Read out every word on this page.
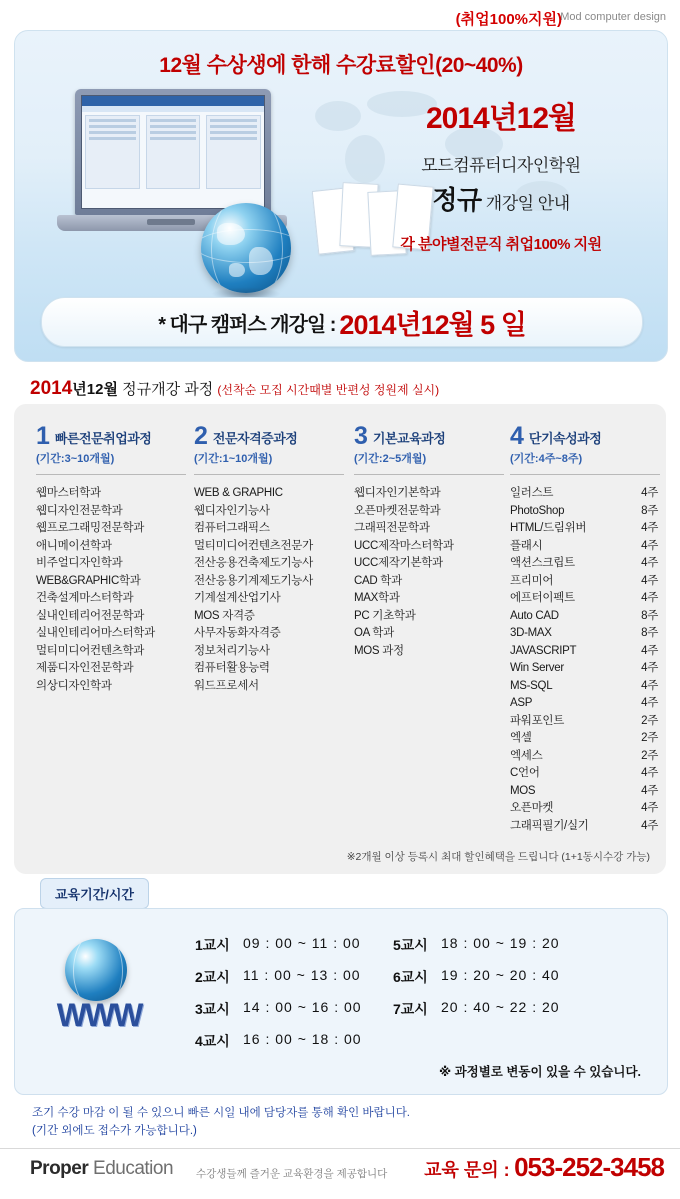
(취업100%지원)
Mod computer design
12월 수상생에 한해 수강료할인(20~40%)
2014년12월
모드컴퓨터디자인학원
정규 개강일 안내
각 분야별전문직 취업100% 지원
* 대구 캠퍼스 개강일 : 2014년12월 5 일
2014년12월 정규개강 과정 (선착순 모집 시간때별 반편성 정원제 실시)
1 빠른전문취업과정
(기간:3~10개월)
웹마스터학과
웹디자인전문학과
웹프로그래밍전문학과
애니메이션학과
비주얼디자인학과
WEB&GRAPHIC학과
건축설계마스터학과
실내인테리어전문학과
실내인테리어마스터학과
멀티미디어컨텐츠학과
제품디자인전문학과
의상디자인학과
2 전문자격증과정
(기간:1~10개월)
WEB & GRAPHIC
웹디자인기능사
컴퓨터그래픽스
멀티미디어컨텐츠전문가
전산응용건축제도기능사
전산응용기계제도기능사
기계설계산업기사
MOS 자격증
사무자동화자격증
정보처리기능사
컴퓨터활용능력
워드프로세서
3 기본교육과정
(기간:2~5개월)
웹디자인기본학과
오픈마켓전문학과
그래픽전문학과
UCC제작마스터학과
UCC제작기본학과
CAD 학과
MAX학과
PC 기초학과
OA 학과
MOS 과정
4 단기속성과정
(기간:4주~8주)
일러스트	4주
PhotoShop	8주
HTML/드림위버	4주
플래시	4주
액션스크립트	4주
프리미어	4주
에프터이펙트	4주
Auto CAD	8주
3D-MAX	8주
JAVASCRIPT	4주
Win Server	4주
MS-SQL	4주
ASP	4주
파워포인트	2주
엑셀	2주
엑세스	2주
C언어	4주
MOS	4주
오픈마켓	4주
그래픽필기/실기	4주
※2개월 이상 등록시 최대 할인혜택을 드립니다 (1+1동시수강 가능)
교육기간/시간
WWW
1교시 09 : 00 ~ 11 : 00	5교시 18 : 00 ~ 19 : 20
2교시 11 : 00 ~ 13 : 00	6교시 19 : 20 ~ 20 : 40
3교시 14 : 00 ~ 16 : 00	7교시 20 : 40 ~ 22 : 20
4교시 16 : 00 ~ 18 : 00
※ 과정별로 변동이 있을 수 있습니다.
조기 수강 마감 이 될 수 있으니 빠른 시일 내에 담당자를 통해 확인 바랍니다.
(기간 외에도 접수가 가능합니다.)
Proper Education 수강생들께 즐거운 교육환경을 제공합니다 교육 문의 : 053-252-3458
